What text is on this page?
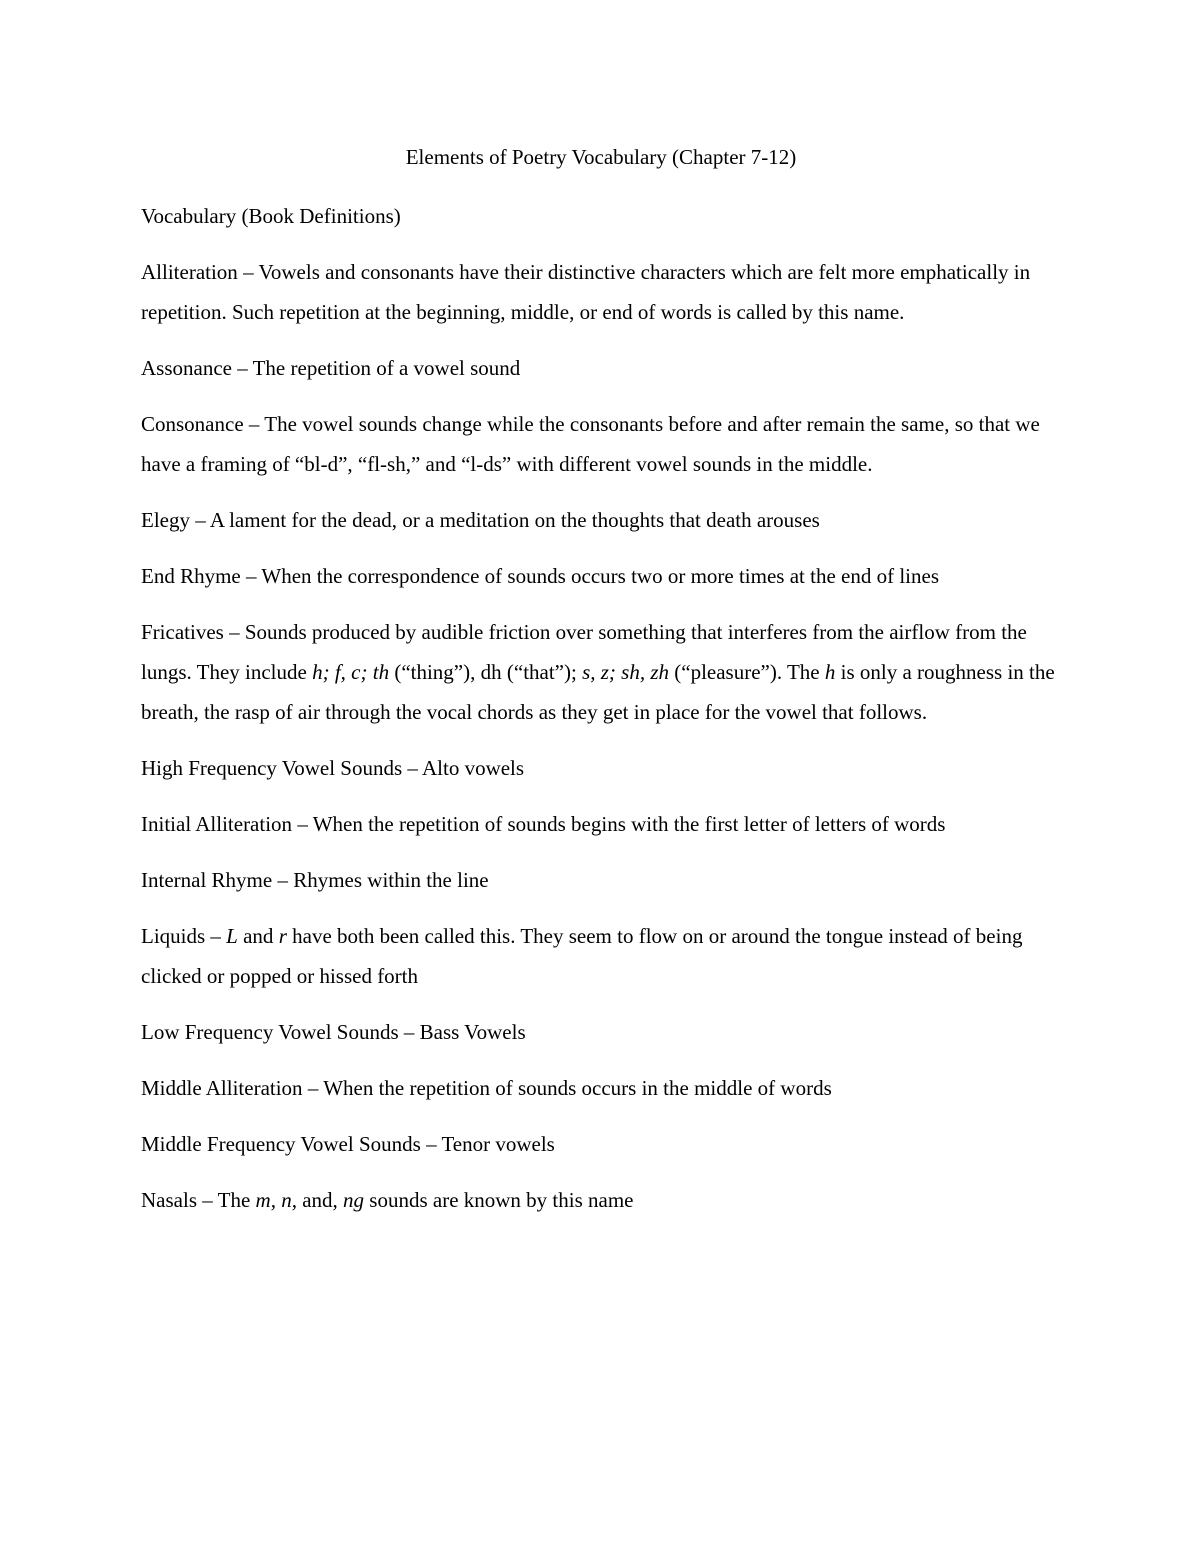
Elements of Poetry Vocabulary (Chapter 7-12)

Vocabulary (Book Definitions)

Alliteration – Vowels and consonants have their distinctive characters which are felt more emphatically in repetition. Such repetition at the beginning, middle, or end of words is called by this name.

Assonance – The repetition of a vowel sound

Consonance – The vowel sounds change while the consonants before and after remain the same, so that we have a framing of “bl-d”, “fl-sh,” and “l-ds” with different vowel sounds in the middle.

Elegy – A lament for the dead, or a meditation on the thoughts that death arouses

End Rhyme – When the correspondence of sounds occurs two or more times at the end of lines

Fricatives – Sounds produced by audible friction over something that interferes from the airflow from the lungs. They include h; f, c; th (“thing”), dh (“that”); s, z; sh, zh (“pleasure”). The h is only a roughness in the breath, the rasp of air through the vocal chords as they get in place for the vowel that follows.

High Frequency Vowel Sounds – Alto vowels

Initial Alliteration – When the repetition of sounds begins with the first letter of letters of words

Internal Rhyme – Rhymes within the line

Liquids – L and r have both been called this. They seem to flow on or around the tongue instead of being clicked or popped or hissed forth

Low Frequency Vowel Sounds – Bass Vowels

Middle Alliteration – When the repetition of sounds occurs in the middle of words

Middle Frequency Vowel Sounds – Tenor vowels

Nasals – The m, n, and, ng sounds are known by this name
